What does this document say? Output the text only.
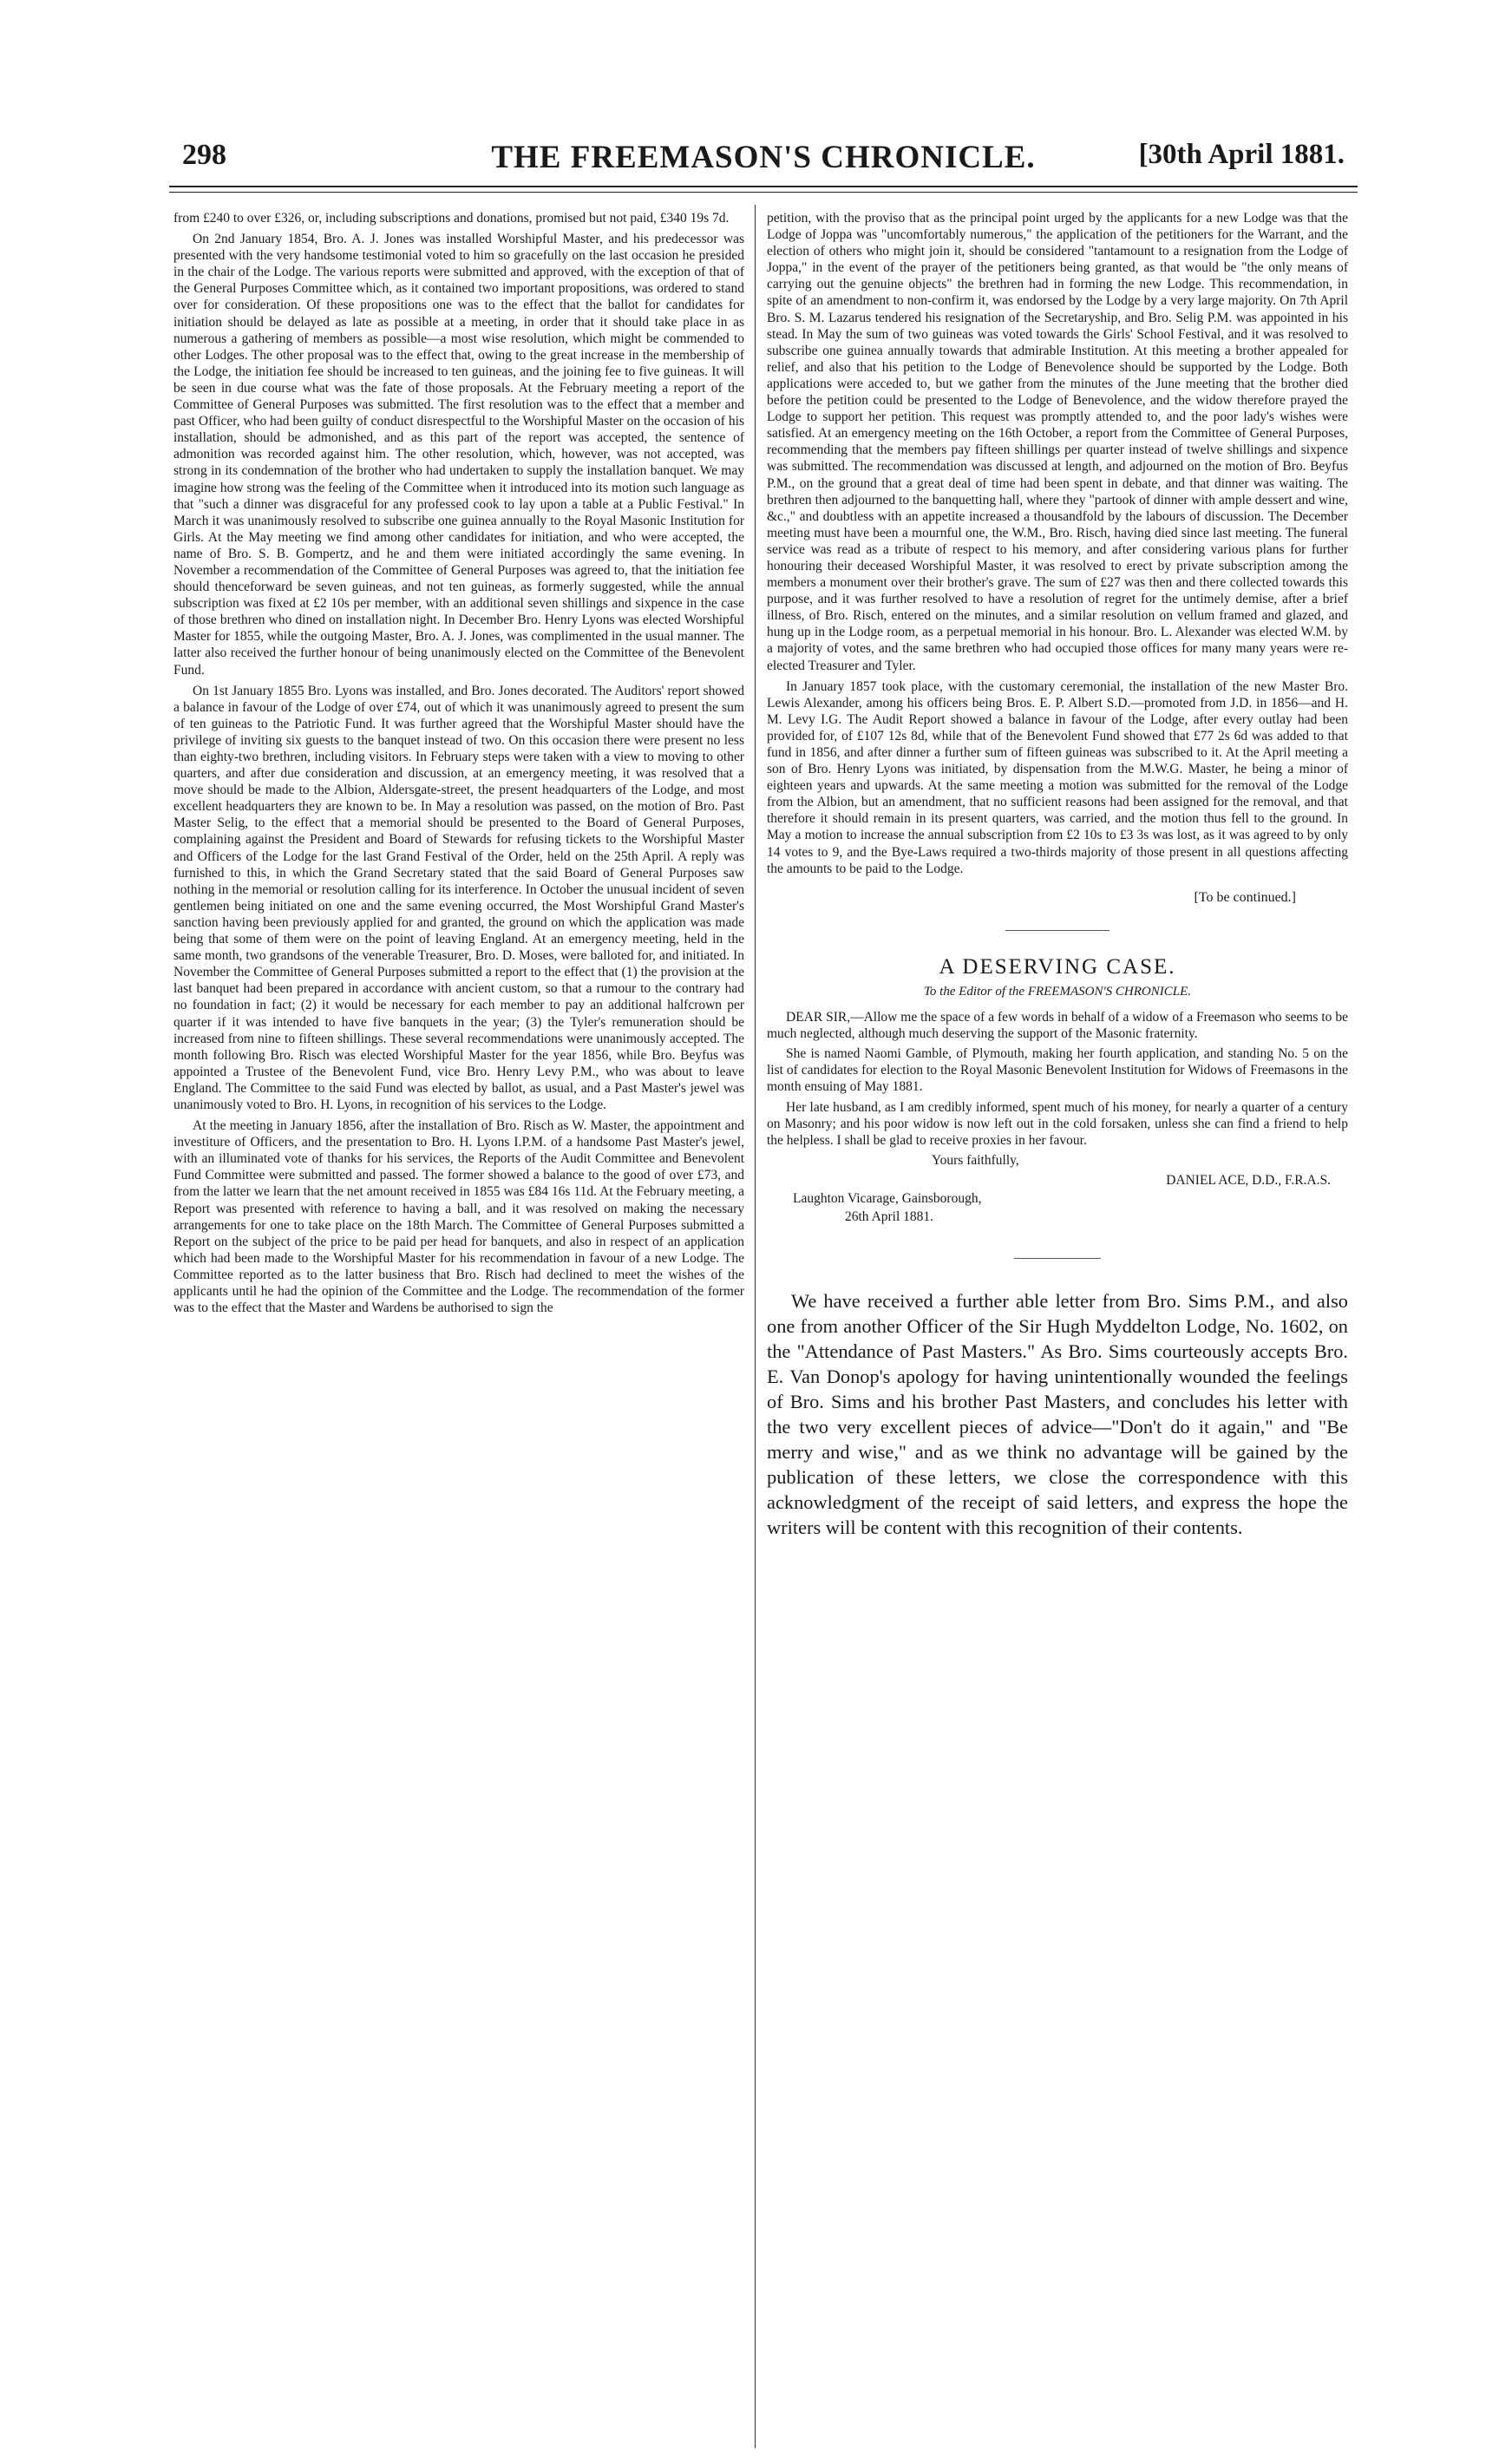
298	THE FREEMASON'S CHRONICLE.	[30th April 1881.

from £240 to over £326, or, including subscriptions and donations, promised but not paid, £340 19s 7d.

On 2nd January 1854, Bro. A. J. Jones was installed Worshipful Master, and his predecessor was presented with the very handsome testimonial voted to him so gracefully on the last occasion he presided in the chair of the Lodge. The various reports were submitted and approved, with the exception of that of the General Purposes Committee which, as it contained two important propositions, was ordered to stand over for consideration. Of these propositions one was to the effect that the ballot for candidates for initiation should be delayed as late as possible at a meeting, in order that it should take place in as numerous a gathering of members as possible—a most wise resolution, which might be commended to other Lodges. The other proposal was to the effect that, owing to the great increase in the membership of the Lodge, the initiation fee should be increased to ten guineas, and the joining fee to five guineas. It will be seen in due course what was the fate of those proposals. At the February meeting a report of the Committee of General Purposes was submitted. The first resolution was to the effect that a member and past Officer, who had been guilty of conduct disrespectful to the Worshipful Master on the occasion of his installation, should be admonished, and as this part of the report was accepted, the sentence of admonition was recorded against him. The other resolution, which, however, was not accepted, was strong in its condemnation of the brother who had undertaken to supply the installation banquet. We may imagine how strong was the feeling of the Committee when it introduced into its motion such language as that "such a dinner was disgraceful for any professed cook to lay upon a table at a Public Festival." In March it was unanimously resolved to subscribe one guinea annually to the Royal Masonic Institution for Girls. At the May meeting we find among other candidates for initiation, and who were accepted, the name of Bro. S. B. Gompertz, and he and them were initiated accordingly the same evening. In November a recommendation of the Committee of General Purposes was agreed to, that the initiation fee should thenceforward be seven guineas, and not ten guineas, as formerly suggested, while the annual subscription was fixed at £2 10s per member, with an additional seven shillings and sixpence in the case of those brethren who dined on installation night. In December Bro. Henry Lyons was elected Worshipful Master for 1855, while the outgoing Master, Bro. A. J. Jones, was complimented in the usual manner. The latter also received the further honour of being unanimously elected on the Committee of the Benevolent Fund.

On 1st January 1855 Bro. Lyons was installed, and Bro. Jones decorated. The Auditors' report showed a balance in favour of the Lodge of over £74, out of which it was unanimously agreed to present the sum of ten guineas to the Patriotic Fund. It was further agreed that the Worshipful Master should have the privilege of inviting six guests to the banquet instead of two. On this occasion there were present no less than eighty-two brethren, including visitors. In February steps were taken with a view to moving to other quarters, and after due consideration and discussion, at an emergency meeting, it was resolved that a move should be made to the Albion, Aldersgate-street, the present headquarters of the Lodge, and most excellent headquarters they are known to be. In May a resolution was passed, on the motion of Bro. Past Master Selig, to the effect that a memorial should be presented to the Board of General Purposes, complaining against the President and Board of Stewards for refusing tickets to the Worshipful Master and Officers of the Lodge for the last Grand Festival of the Order, held on the 25th April. A reply was furnished to this, in which the Grand Secretary stated that the said Board of General Purposes saw nothing in the memorial or resolution calling for its interference. In October the unusual incident of seven gentlemen being initiated on one and the same evening occurred, the Most Worshipful Grand Master's sanction having been previously applied for and granted, the ground on which the application was made being that some of them were on the point of leaving England. At an emergency meeting, held in the same month, two grandsons of the venerable Treasurer, Bro. D. Moses, were balloted for, and initiated. In November the Committee of General Purposes submitted a report to the effect that (1) the provision at the last banquet had been prepared in accordance with ancient custom, so that a rumour to the contrary had no foundation in fact; (2) it would be necessary for each member to pay an additional halfcrown per quarter if it was intended to have five banquets in the year; (3) the Tyler's remuneration should be increased from nine to fifteen shillings. These several recommendations were unanimously accepted. The month following Bro. Risch was elected Worshipful Master for the year 1856, while Bro. Beyfus was appointed a Trustee of the Benevolent Fund, vice Bro. Henry Levy P.M., who was about to leave England. The Committee to the said Fund was elected by ballot, as usual, and a Past Master's jewel was unanimously voted to Bro. H. Lyons, in recognition of his services to the Lodge.

At the meeting in January 1856, after the installation of Bro. Risch as W. Master, the appointment and investiture of Officers, and the presentation to Bro. H. Lyons I.P.M. of a handsome Past Master's jewel, with an illuminated vote of thanks for his services, the Reports of the Audit Committee and Benevolent Fund Committee were submitted and passed. The former showed a balance to the good of over £73, and from the latter we learn that the net amount received in 1855 was £84 16s 11d. At the February meeting, a Report was presented with reference to having a ball, and it was resolved on making the necessary arrangements for one to take place on the 18th March. The Committee of General Purposes submitted a Report on the subject of the price to be paid per head for banquets, and also in respect of an application which had been made to the Worshipful Master for his recommendation in favour of a new Lodge. The Committee reported as to the latter business that Bro. Risch had declined to meet the wishes of the applicants until he had the opinion of the Committee and the Lodge. The recommendation of the former was to the effect that the Master and Wardens be authorised to sign the

petition, with the proviso that as the principal point urged by the applicants for a new Lodge was that the Lodge of Joppa was "uncomfortably numerous," the application of the petitioners for the Warrant, and the election of others who might join it, should be considered "tantamount to a resignation from the Lodge of Joppa," in the event of the prayer of the petitioners being granted, as that would be "the only means of carrying out the genuine objects" the brethren had in forming the new Lodge. This recommendation, in spite of an amendment to non-confirm it, was endorsed by the Lodge by a very large majority. On 7th April Bro. S. M. Lazarus tendered his resignation of the Secretaryship, and Bro. Selig P.M. was appointed in his stead. In May the sum of two guineas was voted towards the Girls' School Festival, and it was resolved to subscribe one guinea annually towards that admirable Institution. At this meeting a brother appealed for relief, and also that his petition to the Lodge of Benevolence should be supported by the Lodge. Both applications were acceded to, but we gather from the minutes of the June meeting that the brother died before the petition could be presented to the Lodge of Benevolence, and the widow therefore prayed the Lodge to support her petition. This request was promptly attended to, and the poor lady's wishes were satisfied. At an emergency meeting on the 16th October, a report from the Committee of General Purposes, recommending that the members pay fifteen shillings per quarter instead of twelve shillings and sixpence was submitted. The recommendation was discussed at length, and adjourned on the motion of Bro. Beyfus P.M., on the ground that a great deal of time had been spent in debate, and that dinner was waiting. The brethren then adjourned to the banquetting hall, where they "partook of dinner with ample dessert and wine, &c.," and doubtless with an appetite increased a thousandfold by the labours of discussion. The December meeting must have been a mournful one, the W.M., Bro. Risch, having died since last meeting. The funeral service was read as a tribute of respect to his memory, and after considering various plans for further honouring their deceased Worshipful Master, it was resolved to erect by private subscription among the members a monument over their brother's grave. The sum of £27 was then and there collected towards this purpose, and it was further resolved to have a resolution of regret for the untimely demise, after a brief illness, of Bro. Risch, entered on the minutes, and a similar resolution on vellum framed and glazed, and hung up in the Lodge room, as a perpetual memorial in his honour. Bro. L. Alexander was elected W.M. by a majority of votes, and the same brethren who had occupied those offices for many many years were re-elected Treasurer and Tyler.

In January 1857 took place, with the customary ceremonial, the installation of the new Master Bro. Lewis Alexander, among his officers being Bros. E. P. Albert S.D.—promoted from J.D. in 1856—and H. M. Levy I.G. The Audit Report showed a balance in favour of the Lodge, after every outlay had been provided for, of £107 12s 8d, while that of the Benevolent Fund showed that £77 2s 6d was added to that fund in 1856, and after dinner a further sum of fifteen guineas was subscribed to it. At the April meeting a son of Bro. Henry Lyons was initiated, by dispensation from the M.W.G. Master, he being a minor of eighteen years and upwards. At the same meeting a motion was submitted for the removal of the Lodge from the Albion, but an amendment, that no sufficient reasons had been assigned for the removal, and that therefore it should remain in its present quarters, was carried, and the motion thus fell to the ground. In May a motion to increase the annual subscription from £2 10s to £3 3s was lost, as it was agreed to by only 14 votes to 9, and the Bye-Laws required a two-thirds majority of those present in all questions affecting the amounts to be paid to the Lodge.

[To be continued.]
A DESERVING CASE.
To the Editor of the FREEMASON'S CHRONICLE.

DEAR SIR,—Allow me the space of a few words in behalf of a widow of a Freemason who seems to be much neglected, although much deserving the support of the Masonic fraternity.

She is named Naomi Gamble, of Plymouth, making her fourth application, and standing No. 5 on the list of candidates for election to the Royal Masonic Benevolent Institution for Widows of Freemasons in the month ensuing of May 1881.

Her late husband, as I am credibly informed, spent much of his money, for nearly a quarter of a century on Masonry; and his poor widow is now left out in the cold forsaken, unless she can find a friend to help the helpless. I shall be glad to receive proxies in her favour.

Yours faithfully,
DANIEL ACE, D.D., F.R.A.S.
Laughton Vicarage, Gainsborough,
26th April 1881.

We have received a further able letter from Bro. Sims P.M., and also one from another Officer of the Sir Hugh Myddelton Lodge, No. 1602, on the "Attendance of Past Masters." As Bro. Sims courteously accepts Bro. E. Van Donop's apology for having unintentionally wounded the feelings of Bro. Sims and his brother Past Masters, and concludes his letter with the two very excellent pieces of advice—"Don't do it again," and "Be merry and wise," and as we think no advantage will be gained by the publication of these letters, we close the correspondence with this acknowledgment of the receipt of said letters, and express the hope the writers will be content with this recognition of their contents.
